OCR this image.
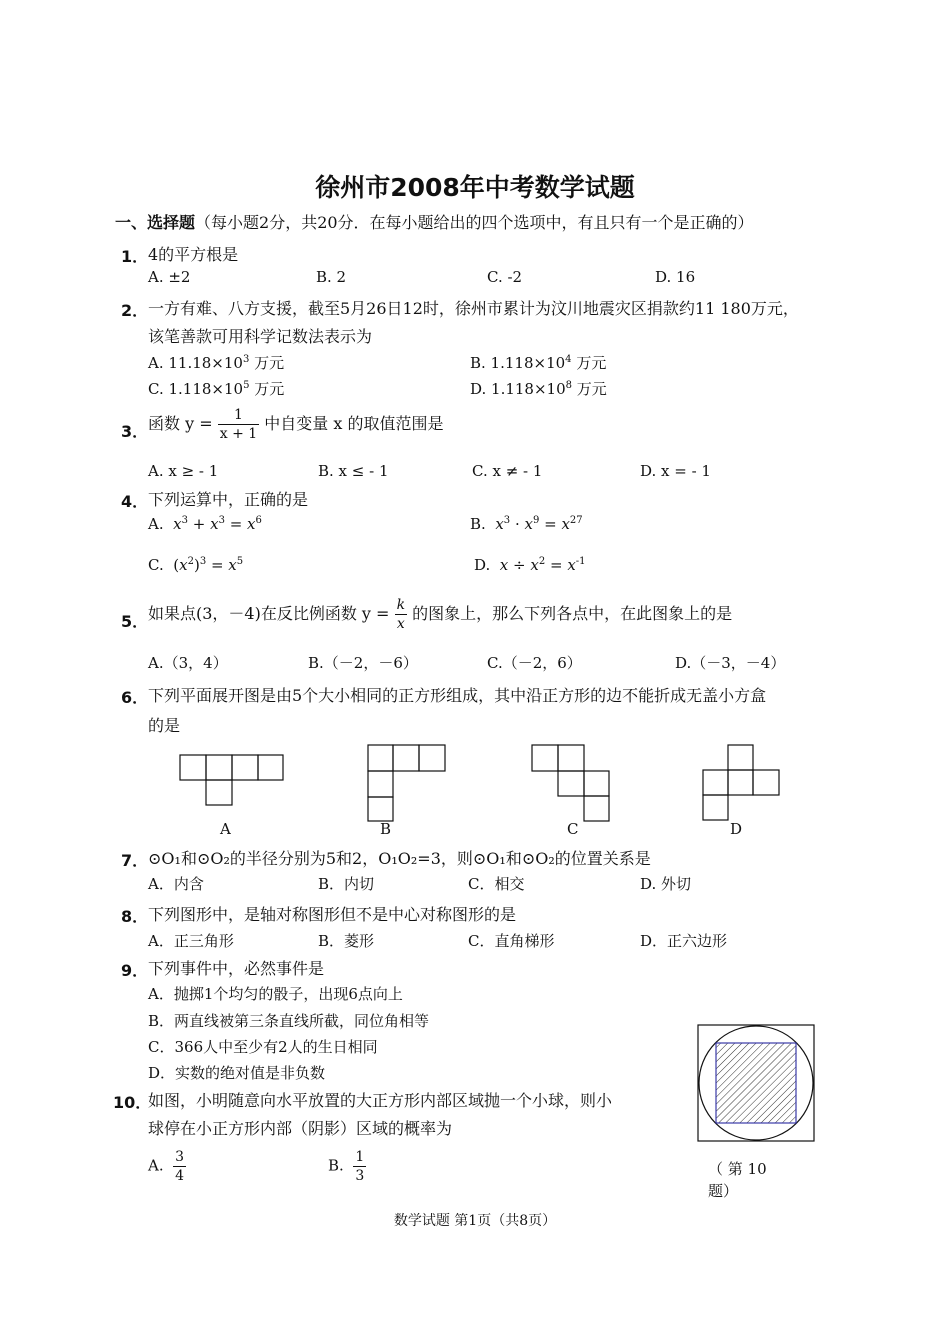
徐州市2008年中考数学试题
一、选择题（每小题2分，共20分．在每小题给出的四个选项中，有且只有一个是正确的）
1． 4的平方根是
A. ±2	B. 2	C. -2	D. 16
2． 一方有难、八方支援，截至5月26日12时，徐州市累计为汶川地震灾区捐款约11 180万元，
该笔善款可用科学记数法表示为
A. $11.18\times 10^3$ 万元	B. $1.118\times 10^4$ 万元
C. $1.118\times 10^5$ 万元	D. $1.118\times 10^8$ 万元
3． 函数 $y = \frac{1}{x + 1}$ 中自变量 x 的取值范围是
A. x ≥ - 1	B. x ≤ - 1	C. x ≠ - 1	D. x = - 1
4． 下列运算中，正确的是
A.  $x^3 + x^3 = x^6$	B.  $x^3 \cdot x^9 = x^{27}$
C.  $(x^2)^3 = x^5$	D.  $x \div x^2 = x^{-1}$
5． 如果点(3，－4)在反比例函数 $y = \frac{k}{x}$ 的图象上，那么下列各点中，在此图象上的是
A.（3，4）	B.（－2，－6）	C.（－2，6）	D.（－3，－4）
6． 下列平面展开图是由5个大小相同的正方形组成，其中沿正方形的边不能折成无盖小方盒
的是
A	B	C	D
7． ⊙O₁和⊙O₂的半径分别为5和2，O₁O₂=3，则⊙O₁和⊙O₂的位置关系是
A．内含	B．内切	C．相交	D. 外切
8． 下列图形中，是轴对称图形但不是中心对称图形的是
A．正三角形	B．菱形	C．直角梯形	D．正六边形
9． 下列事件中，必然事件是
A．抛掷1个均匀的骰子，出现6点向上
B．两直线被第三条直线所截，同位角相等
C．366人中至少有2人的生日相同
D．实数的绝对值是非负数
10．
如图，小明随意向水平放置的大正方形内部区域抛一个小球，则小
球停在小正方形内部（阴影）区域的概率为
A. $\frac{3}{4}$	B. $\frac{1}{3}$	（ 第 10
题）
数学试题 第1页（共8页）
